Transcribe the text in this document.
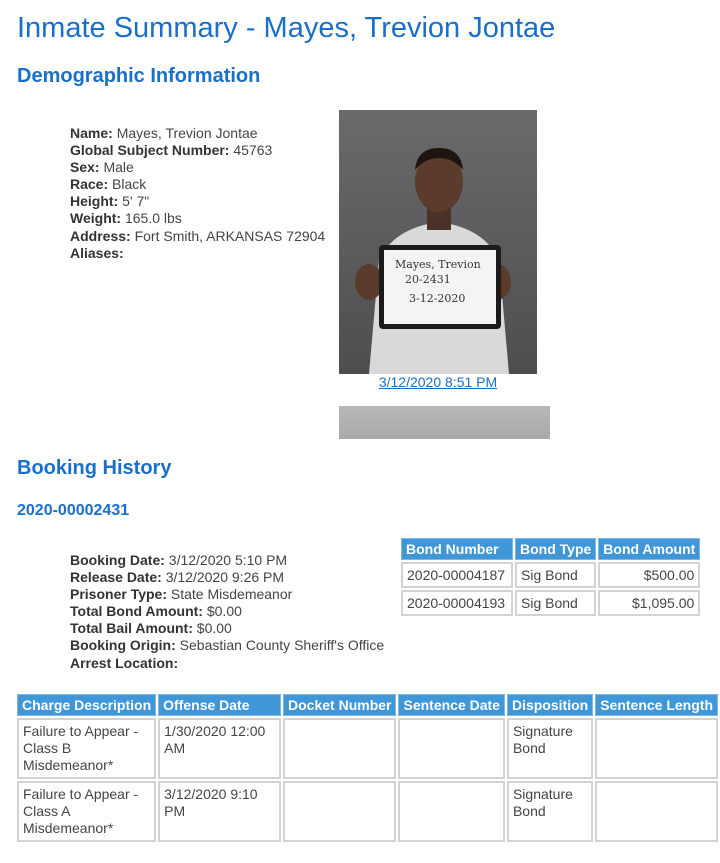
Inmate Summary - Mayes, Trevion Jontae
Demographic Information
Name: Mayes, Trevion Jontae
Global Subject Number: 45763
Sex: Male
Race: Black
Height: 5' 7"
Weight: 165.0 lbs
Address: Fort Smith, ARKANSAS 72904
Aliases:
Mayes, Trevion
20-2431
3-12-2020
3/12/2020 8:51 PM
Booking History
2020-00002431
Booking Date: 3/12/2020 5:10 PM
Release Date: 3/12/2020 9:26 PM
Prisoner Type: State Misdemeanor
Total Bond Amount: $0.00
Total Bail Amount: $0.00
Booking Origin: Sebastian County Sheriff's Office
Arrest Location:
Bond Number	Bond Type	Bond Amount
2020-00004187	Sig Bond	$500.00
2020-00004193	Sig Bond	$1,095.00
Charge Description	Offense Date	Docket Number	Sentence Date	Disposition	Sentence Length
Failure to Appear - Class B Misdemeanor*	1/30/2020 12:00 AM			Signature Bond	
Failure to Appear - Class A Misdemeanor*	3/12/2020 9:10 PM			Signature Bond	
